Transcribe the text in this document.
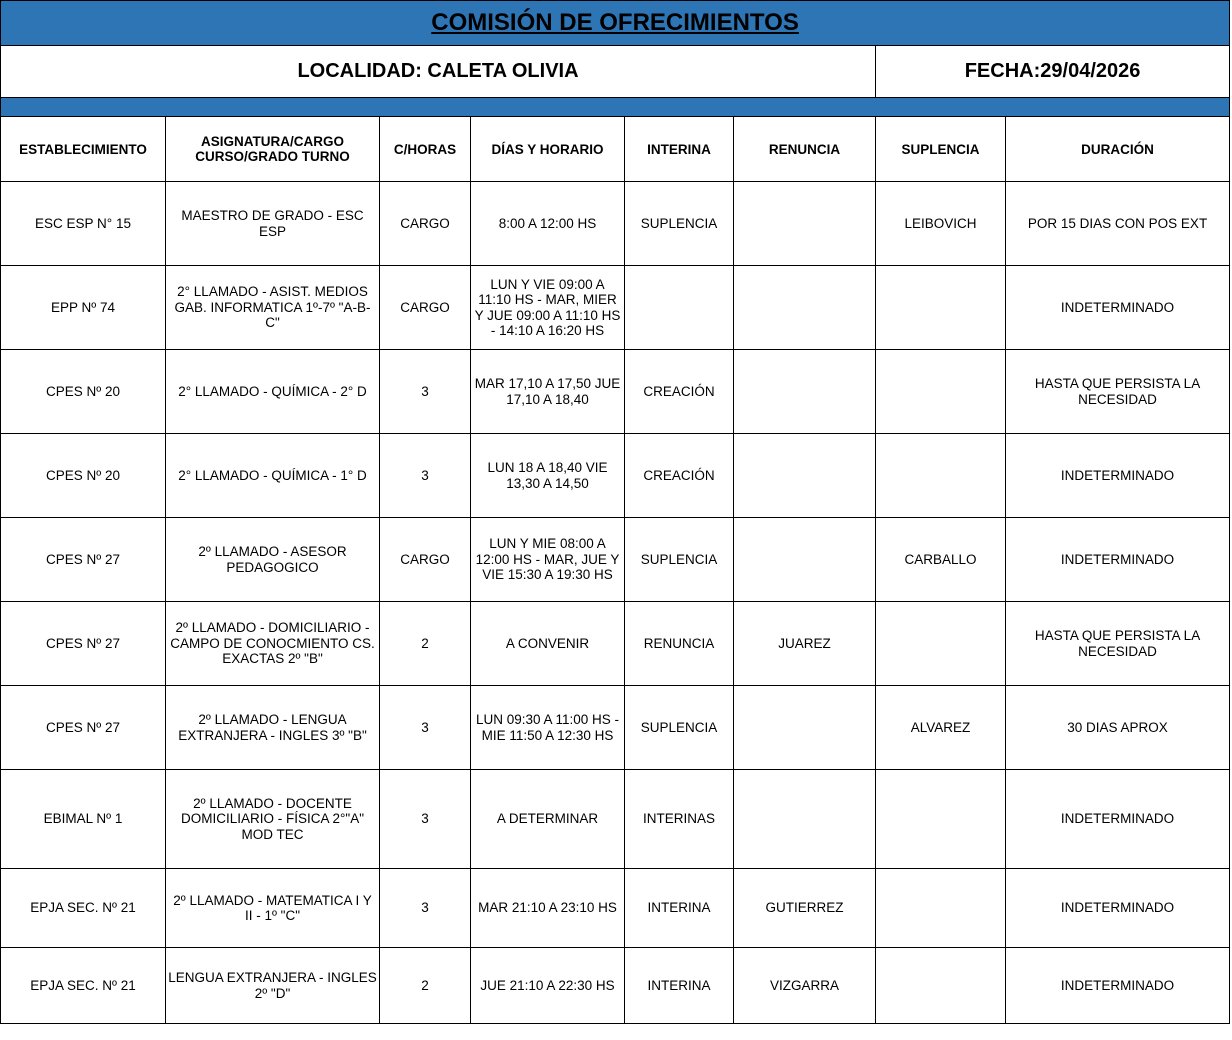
COMISIÓN DE OFRECIMIENTOS							
LOCALIDAD: CALETA OLIVIA						FECHA:29/04/2026	

ESTABLECIMIENTO	ASIGNATURA/CARGO CURSO/GRADO TURNO	C/HORAS	DÍAS Y HORARIO	INTERINA	RENUNCIA	SUPLENCIA	DURACIÓN
ESC ESP N° 15	MAESTRO DE GRADO - ESC ESP	CARGO	8:00 A 12:00 HS	SUPLENCIA		LEIBOVICH	POR 15 DIAS CON POS EXT
EPP Nº 74	2° LLAMADO - ASIST. MEDIOS GAB. INFORMATICA 1º-7º "A-B-C"	CARGO	LUN Y VIE 09:00 A 11:10 HS - MAR, MIER Y JUE 09:00 A 11:10 HS - 14:10 A 16:20 HS				INDETERMINADO
CPES Nº 20	2° LLAMADO - QUÍMICA - 2° D	3	MAR 17,10 A 17,50 JUE 17,10 A 18,40	CREACIÓN			HASTA QUE PERSISTA LA NECESIDAD
CPES Nº 20	2° LLAMADO - QUÍMICA - 1° D	3	LUN 18 A 18,40 VIE 13,30 A 14,50	CREACIÓN			INDETERMINADO
CPES Nº 27	2º LLAMADO - ASESOR PEDAGOGICO	CARGO	LUN Y MIE 08:00 A 12:00 HS - MAR, JUE Y VIE 15:30 A 19:30 HS	SUPLENCIA		CARBALLO	INDETERMINADO
CPES Nº 27	2º LLAMADO - DOMICILIARIO - CAMPO DE CONOCMIENTO CS. EXACTAS 2º "B"	2	A CONVENIR	RENUNCIA	JUAREZ		HASTA QUE PERSISTA LA NECESIDAD
CPES Nº 27	2º LLAMADO - LENGUA EXTRANJERA - INGLES 3º "B"	3	LUN 09:30 A 11:00 HS - MIE 11:50 A 12:30 HS	SUPLENCIA		ALVAREZ	30 DIAS APROX
EBIMAL Nº 1	2º LLAMADO - DOCENTE DOMICILIARIO - FÍSICA 2°"A" MOD TEC	3	A DETERMINAR	INTERINAS			INDETERMINADO
EPJA SEC. Nº 21	2º LLAMADO - MATEMATICA I Y II - 1º "C"	3	MAR 21:10 A 23:10 HS	INTERINA	GUTIERREZ		INDETERMINADO
EPJA SEC. Nº 21	LENGUA EXTRANJERA - INGLES 2º "D"	2	JUE 21:10 A 22:30 HS	INTERINA	VIZGARRA		INDETERMINADO
